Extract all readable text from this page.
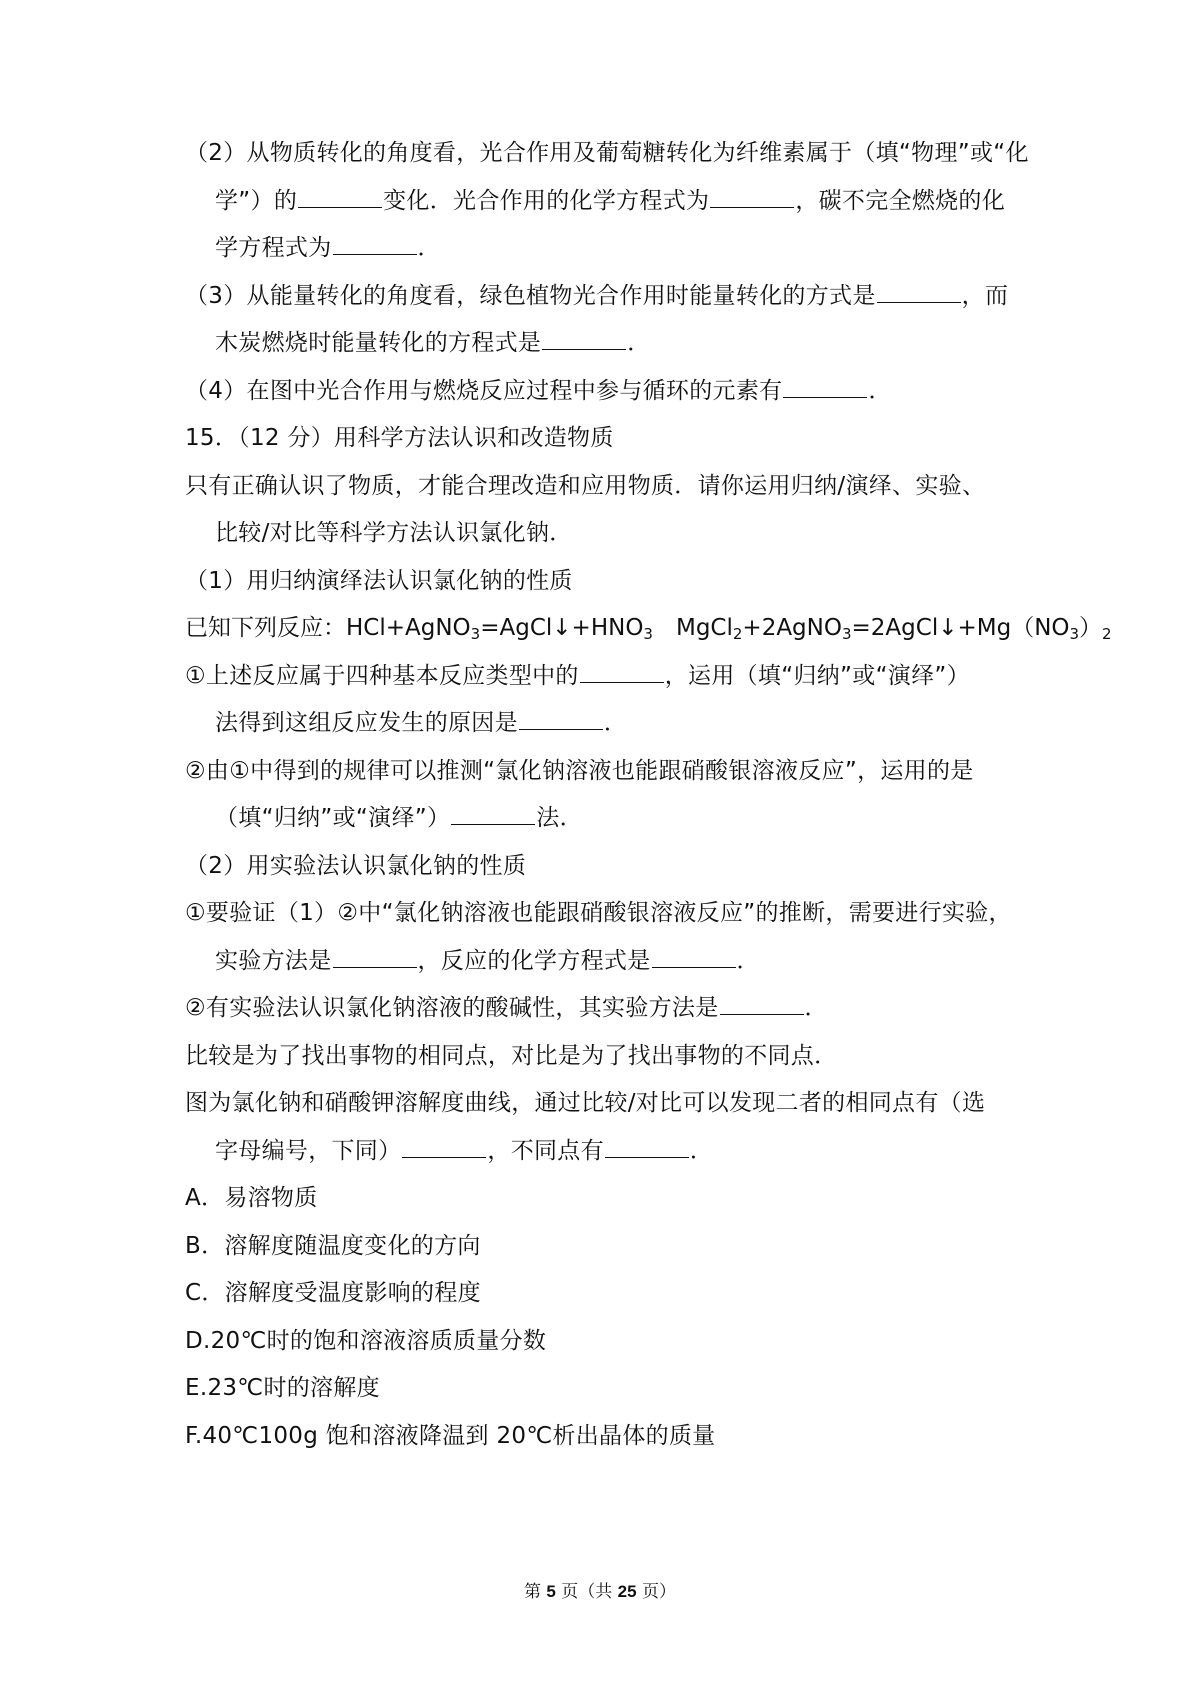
（2）从物质转化的角度看，光合作用及葡萄糖转化为纤维素属于（填“物理”或“化
学”）的	变化．光合作用的化学方程式为	，碳不完全燃烧的化
学方程式为	．
（3）从能量转化的角度看，绿色植物光合作用时能量转化的方式是	，而
木炭燃烧时能量转化的方程式是	．
（4）在图中光合作用与燃烧反应过程中参与循环的元素有	．
15．（12 分）用科学方法认识和改造物质
只有正确认识了物质，才能合理改造和应用物质．请你运用归纳/演绎、实验、
比较/对比等科学方法认识氯化钠．
（1）用归纳演绎法认识氯化钠的性质
已知下列反应：$HCl+AgNO_3=AgCl↓+HNO_3$　$MgCl_2+2AgNO_3=2AgCl↓+Mg(NO_3)_2$
①上述反应属于四种基本反应类型中的	，运用（填“归纳”或“演绎”）
法得到这组反应发生的原因是	．
②由①中得到的规律可以推测“氯化钠溶液也能跟硝酸银溶液反应”，运用的是
（填“归纳”或“演绎”）	法．
（2）用实验法认识氯化钠的性质
①要验证（1）②中“氯化钠溶液也能跟硝酸银溶液反应”的推断，需要进行实验，
实验方法是	，反应的化学方程式是	．
②有实验法认识氯化钠溶液的酸碱性，其实验方法是	．
比较是为了找出事物的相同点，对比是为了找出事物的不同点．
图为氯化钠和硝酸钾溶解度曲线，通过比较/对比可以发现二者的相同点有（选
字母编号，下同）	，不同点有	．
A．易溶物质
B．溶解度随温度变化的方向
C．溶解度受温度影响的程度
D.20℃时的饱和溶液溶质质量分数
E.23℃时的溶解度
F.40℃100g 饱和溶液降温到 20℃析出晶体的质量
第 5 页（共 25 页）
